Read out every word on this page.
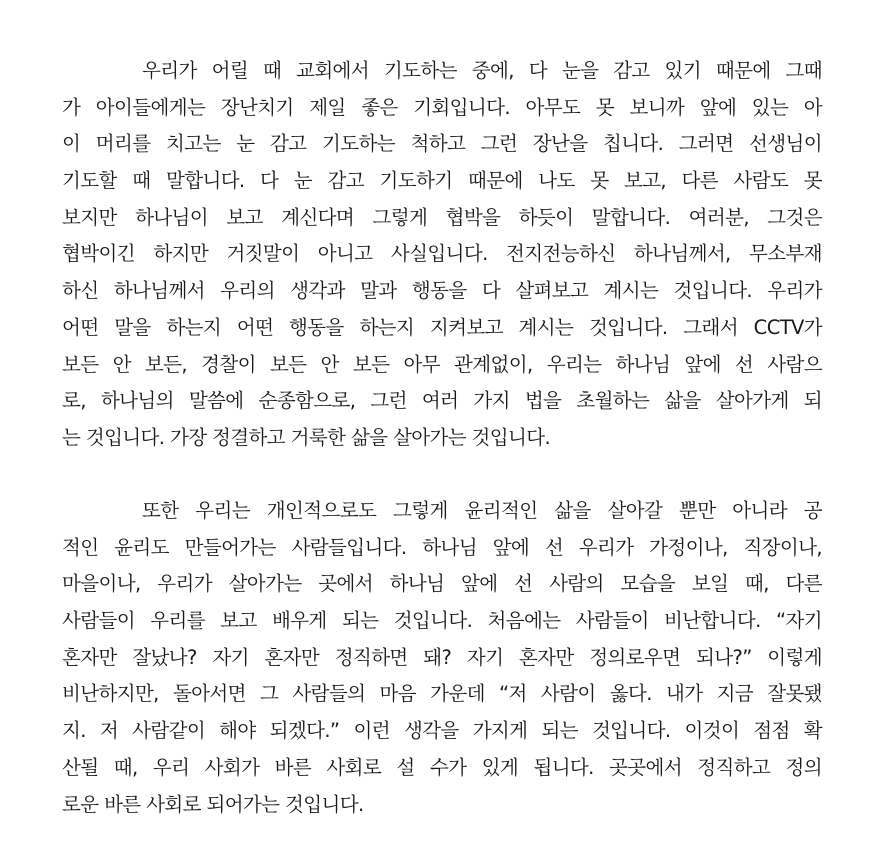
우리가 어릴 때 교회에서 기도하는 중에, 다 눈을 감고 있기 때문에 그때
가 아이들에게는 장난치기 제일 좋은 기회입니다. 아무도 못 보니까 앞에 있는 아
이 머리를 치고는 눈 감고 기도하는 척하고 그런 장난을 칩니다. 그러면 선생님이
기도할 때 말합니다. 다 눈 감고 기도하기 때문에 나도 못 보고, 다른 사람도 못
보지만 하나님이 보고 계신다며 그렇게 협박을 하듯이 말합니다. 여러분, 그것은
협박이긴 하지만 거짓말이 아니고 사실입니다. 전지전능하신 하나님께서, 무소부재
하신 하나님께서 우리의 생각과 말과 행동을 다 살펴보고 계시는 것입니다. 우리가
어떤 말을 하는지 어떤 행동을 하는지 지켜보고 계시는 것입니다. 그래서 CCTV가
보든 안 보든, 경찰이 보든 안 보든 아무 관계없이, 우리는 하나님 앞에 선 사람으
로, 하나님의 말씀에 순종함으로, 그런 여러 가지 법을 초월하는 삶을 살아가게 되
는 것입니다. 가장 정결하고 거룩한 삶을 살아가는 것입니다.
또한 우리는 개인적으로도 그렇게 윤리적인 삶을 살아갈 뿐만 아니라 공
적인 윤리도 만들어가는 사람들입니다. 하나님 앞에 선 우리가 가정이나, 직장이나,
마을이나, 우리가 살아가는 곳에서 하나님 앞에 선 사람의 모습을 보일 때, 다른
사람들이 우리를 보고 배우게 되는 것입니다. 처음에는 사람들이 비난합니다. “자기
혼자만 잘났나? 자기 혼자만 정직하면 돼? 자기 혼자만 정의로우면 되나?” 이렇게
비난하지만, 돌아서면 그 사람들의 마음 가운데 “저 사람이 옳다. 내가 지금 잘못됐
지. 저 사람같이 해야 되겠다.” 이런 생각을 가지게 되는 것입니다. 이것이 점점 확
산될 때, 우리 사회가 바른 사회로 설 수가 있게 됩니다. 곳곳에서 정직하고 정의
로운 바른 사회로 되어가는 것입니다.
